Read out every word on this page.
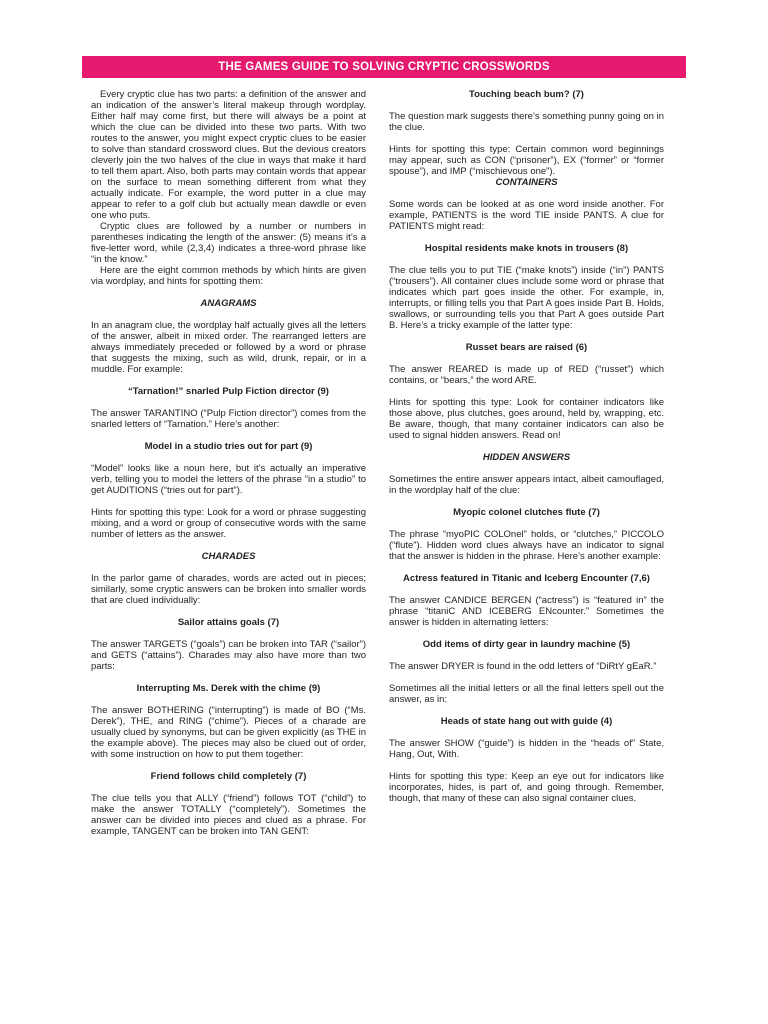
THE GAMES GUIDE TO SOLVING CRYPTIC CROSSWORDS

Every cryptic clue has two parts: a definition of the answer and an indication of the answer’s literal makeup through wordplay. Either half may come first, but there will always be a point at which the clue can be divided into these two parts. With two routes to the answer, you might expect cryptic clues to be easier to solve than standard crossword clues. But the devious creators cleverly join the two halves of the clue in ways that make it hard to tell them apart. Also, both parts may contain words that appear on the surface to mean something different from what they actually indicate. For example, the word putter in a clue may appear to refer to a golf club but actually mean dawdle or even one who puts.

Cryptic clues are followed by a number or numbers in parentheses indicating the length of the answer: (5) means it’s a five-letter word, while (2,3,4) indicates a three-word phrase like “in the know.”

Here are the eight common methods by which hints are given via wordplay, and hints for spotting them:

ANAGRAMS

In an anagram clue, the wordplay half actually gives all the letters of the answer, albeit in mixed order. The rearranged letters are always immediately preceded or followed by a word or phrase that suggests the mixing, such as wild, drunk, repair, or in a muddle. For example:

“Tarnation!” snarled Pulp Fiction director (9)

The answer TARANTINO (“Pulp Fiction director”) comes from the snarled letters of “Tarnation.” Here’s another:

Model in a studio tries out for part (9)

“Model” looks like a noun here, but it’s actually an imperative verb, telling you to model the letters of the phrase “in a studio” to get AUDITIONS (“tries out for part”).

Hints for spotting this type: Look for a word or phrase suggesting mixing, and a word or group of consecutive words with the same number of letters as the answer.

CHARADES

In the parlor game of charades, words are acted out in pieces; similarly, some cryptic answers can be broken into smaller words that are clued individually:

Sailor attains goals (7)

The answer TARGETS (“goals”) can be broken into TAR (“sailor”) and GETS (“attains”). Charades may also have more than two parts:

Interrupting Ms. Derek with the chime (9)

The answer BOTHERING (“interrupting”) is made of BO (“Ms. Derek”), THE, and RING (“chime”). Pieces of a charade are usually clued by synonyms, but can be given explicitly (as THE in the example above). The pieces may also be clued out of order, with some instruction on how to put them together:

Friend follows child completely (7)

The clue tells you that ALLY (“friend”) follows TOT (“child”) to make the answer TOTALLY (“completely”). Sometimes the answer can be divided into pieces and clued as a phrase. For example, TANGENT can be broken into TAN GENT:

Touching beach bum? (7)

The question mark suggests there’s something punny going on in the clue.

Hints for spotting this type: Certain common word beginnings may appear, such as CON (“prisoner”), EX (“former” or “former spouse”), and IMP (“mischievous one”).

CONTAINERS

Some words can be looked at as one word inside another. For example, PATIENTS is the word TIE inside PANTS. A clue for PATIENTS might read:

Hospital residents make knots in trousers (8)

The clue tells you to put TIE (“make knots”) inside (“in”) PANTS (“trousers”). All container clues include some word or phrase that indicates which part goes inside the other. For example, in, interrupts, or filling tells you that Part A goes inside Part B. Holds, swallows, or surrounding tells you that Part A goes outside Part B. Here’s a tricky example of the latter type:

Russet bears are raised (6)

The answer REARED is made up of RED (“russet”) which contains, or “bears,” the word ARE.

Hints for spotting this type: Look for container indicators like those above, plus clutches, goes around, held by, wrapping, etc. Be aware, though, that many container indicators can also be used to signal hidden answers. Read on!

HIDDEN ANSWERS

Sometimes the entire answer appears intact, albeit camouflaged, in the wordplay half of the clue:

Myopic colonel clutches flute (7)

The phrase “myoPIC COLOnel” holds, or “clutches,” PICCOLO (“flute”). Hidden word clues always have an indicator to signal that the answer is hidden in the phrase. Here’s another example:

Actress featured in Titanic and Iceberg Encounter (7,6)

The answer CANDICE BERGEN (“actress”) is “featured in” the phrase “titaniC AND ICEBERG ENcounter.” Sometimes the answer is hidden in alternating letters:

Odd items of dirty gear in laundry machine (5)

The answer DRYER is found in the odd letters of “DiRtY gEaR.”

Sometimes all the initial letters or all the final letters spell out the answer, as in:

Heads of state hang out with guide (4)

The answer SHOW (“guide”) is hidden in the “heads of” State, Hang, Out, With.

Hints for spotting this type: Keep an eye out for indicators like incorporates, hides, is part of, and going through. Remember, though, that many of these can also signal container clues.
